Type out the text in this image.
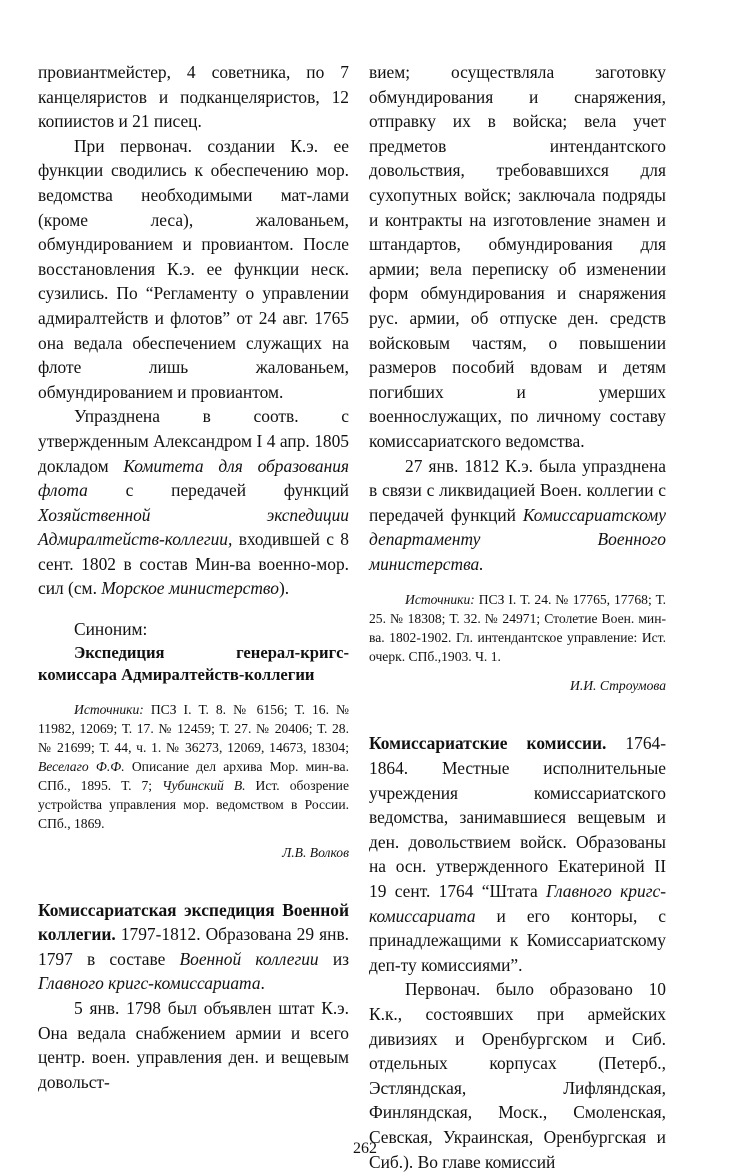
провиантмейстер, 4 советника, по 7 канцеляристов и подканцеляристов, 12 копиистов и 21 писец.

При первонач. создании К.э. ее функции сводились к обеспечению мор. ведомства необходимыми мат-лами (кроме леса), жалованьем, обмундированием и провиантом. После восстановления К.э. ее функции неск. сузились. По “Регламенту о управлении адмиралтейств и флотов” от 24 авг. 1765 она ведала обеспечением служащих на флоте лишь жалованьем, обмундированием и провиантом.

Упразднена в соотв. с утвержденным Александром I 4 апр. 1805 докладом Комитета для образования флота с передачей функций Хозяйственной экспедиции Адмиралтейств-коллегии, входившей с 8 сент. 1802 в состав Мин-ва военно-мор. сил (см. Морское министерство).

Синоним:

Экспедиция генерал-кригс-комиссара Адмиралтейств-коллегии

Источники: ПСЗ I. Т. 8. № 6156; Т. 16. № 11982, 12069; Т. 17. № 12459; Т. 27. № 20406; Т. 28. № 21699; Т. 44, ч. 1. № 36273, 12069, 14673, 18304; Веселаго Ф.Ф. Описание дел архива Мор. мин-ва. СПб., 1895. Т. 7; Чубинский В. Ист. обозрение устройства управления мор. ведомством в России. СПб., 1869.

Л.В. Волков

Комиссариатская экспедиция Военной коллегии. 1797-1812. Образована 29 янв. 1797 в составе Военной коллегии из Главного кригс-комиссариата.

5 янв. 1798 был объявлен штат К.э. Она ведала снабжением армии и всего центр. воен. управления ден. и вещевым довольст-

вием; осуществляла заготовку обмундирования и снаряжения, отправку их в войска; вела учет предметов интендантского довольствия, требовавшихся для сухопутных войск; заключала подряды и контракты на изготовление знамен и штандартов, обмундирования для армии; вела переписку об изменении форм обмундирования и снаряжения рус. армии, об отпуске ден. средств войсковым частям, о повышении размеров пособий вдовам и детям погибших и умерших военнослужащих, по личному составу комиссариатского ведомства.

27 янв. 1812 К.э. была упразднена в связи с ликвидацией Воен. коллегии с передачей функций Комиссариатскому департаменту Военного министерства.

Источники: ПСЗ I. Т. 24. № 17765, 17768; Т. 25. № 18308; Т. 32. № 24971; Столетие Воен. мин-ва. 1802-1902. Гл. интендантское управление: Ист. очерк. СПб.,1903. Ч. 1.

И.И. Строумова

Комиссариатские комиссии. 1764-1864. Местные исполнительные учреждения комиссариатского ведомства, занимавшиеся вещевым и ден. довольствием войск. Образованы на осн. утвержденного Екатериной II 19 сент. 1764 “Штата Главного кригс-комиссариата и его конторы, с принадлежащими к Комиссариатскому деп-ту комиссиями”.

Первонач. было образовано 10 К.к., состоявших при армейских дивизиях и Оренбургском и Сиб. отдельных корпусах (Петерб., Эстляндская, Лифляндская, Финляндская, Моск., Смоленская, Севская, Украинская, Оренбургская и Сиб.). Во главе комиссий

262
